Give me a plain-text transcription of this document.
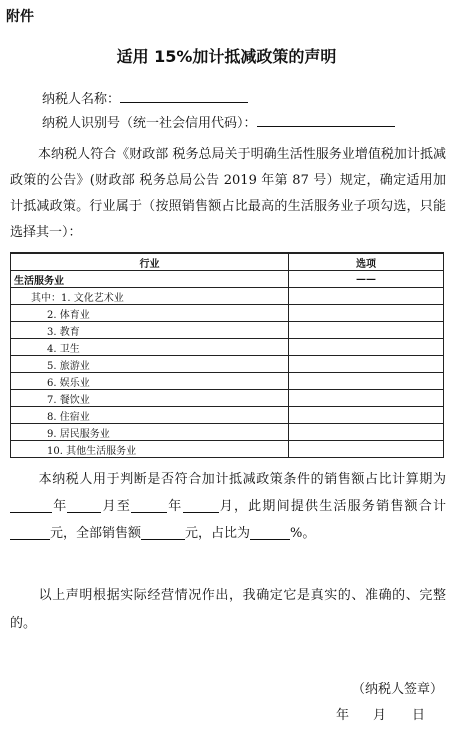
附件
适用 15%加计抵减政策的声明
纳税人名称：
纳税人识别号（统一社会信用代码）：
本纳税人符合《财政部 税务总局关于明确生活性服务业增值税加计抵减政策的公告》(财政部 税务总局公告 2019 年第 87 号）规定，确定适用加计抵减政策。行业属于（按照销售额占比最高的生活服务业子项勾选，只能选择其一）：
行业	选项
生活服务业	——
其中：1. 文化艺术业	
2. 体育业	
3. 教育	
4. 卫生	
5. 旅游业	
6. 娱乐业	
7. 餐饮业	
8. 住宿业	
9. 居民服务业	
10. 其他生活服务业	
本纳税人用于判断是否符合加计抵减政策条件的销售额占比计算期为年	月至	年	月，此期间提供生活服务销售额合计元，全部销售额	元，占比为	%。
以上声明根据实际经营情况作出，我确定它是真实的、准确的、完整的。
（纳税人签章）
年 月 日
